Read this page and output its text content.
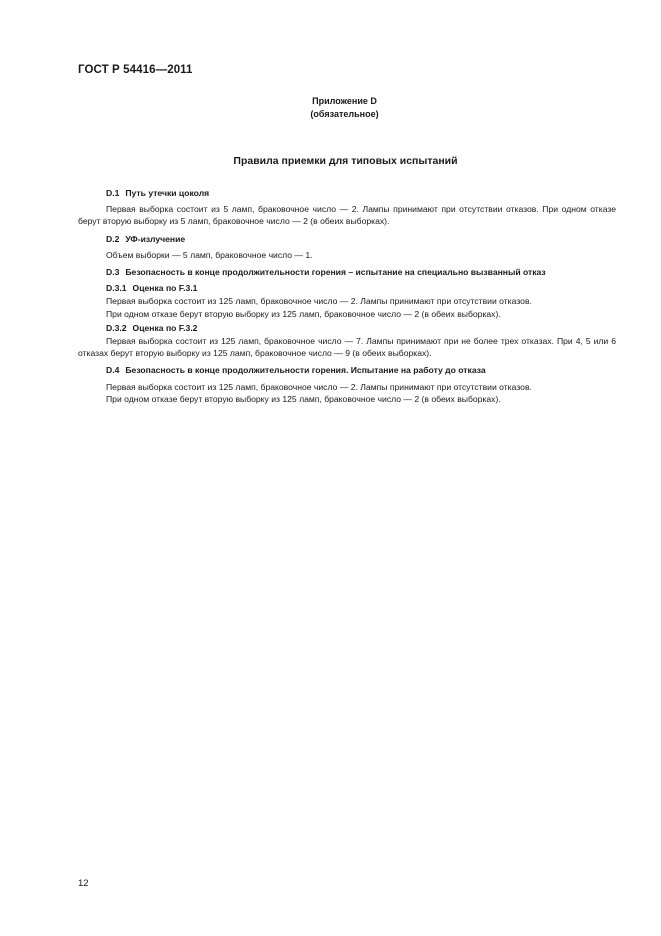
ГОСТ Р 54416—2011
Приложение D
(обязательное)
Правила приемки для типовых испытаний
D.1 Путь утечки цоколя

Первая выборка состоит из 5 ламп, браковочное число — 2. Лампы принимают при отсутствии отказов. При одном отказе берут вторую выборку из 5 ламп, браковочное число — 2 (в обеих выборках).

D.2 УФ-излучение

Объем выборки — 5 ламп, браковочное число — 1.

D.3 Безопасность в конце продолжительности горения – испытание на специально вызванный отказ
D.3.1 Оценка по F.3.1

Первая выборка состоит из 125 ламп, браковочное число — 2. Лампы принимают при отсутствии отказов.

При одном отказе берут вторую выборку из 125 ламп, браковочное число — 2 (в обеих выборках).

D.3.2 Оценка по F.3.2

Первая выборка состоит из 125 ламп, браковочное число — 7. Лампы принимают при не более трех отказах. При 4, 5 или 6 отказах берут вторую выборку из 125 ламп, браковочное число — 9 (в обеих выборках).

D.4 Безопасность в конце продолжительности горения. Испытание на работу до отказа

Первая выборка состоит из 125 ламп, браковочное число — 2. Лампы принимают при отсутствии отказов.

При одном отказе берут вторую выборку из 125 ламп, браковочное число — 2 (в обеих выборках).

12
